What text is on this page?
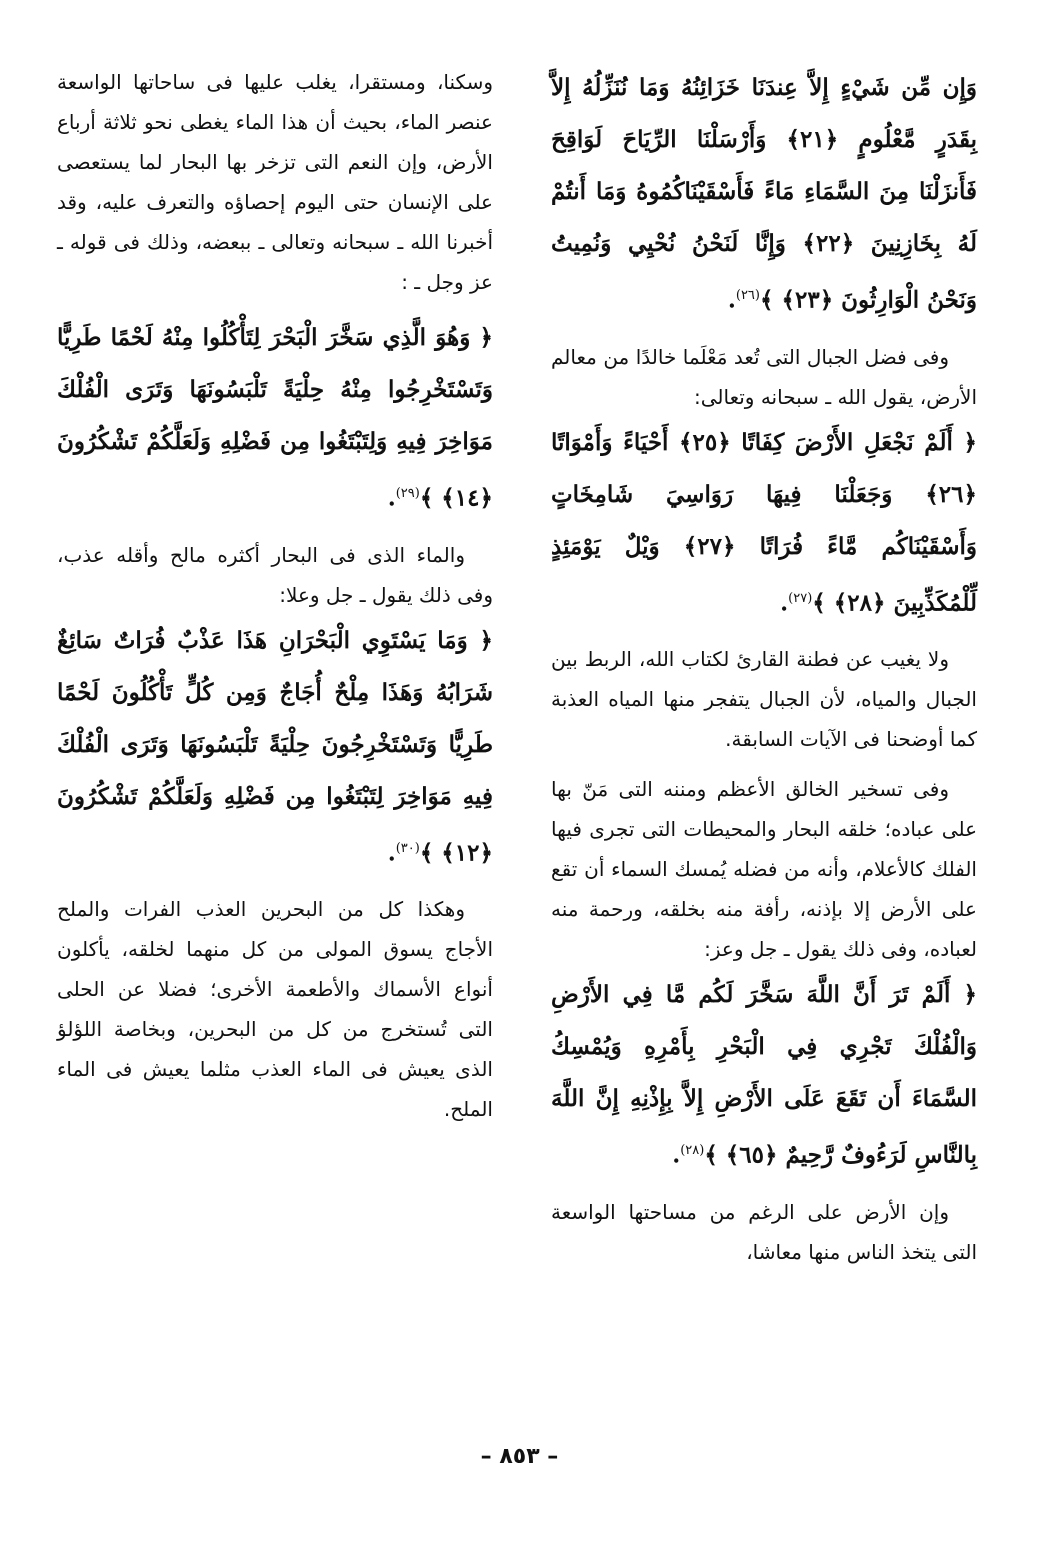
وَإِن مِّن شَيْءٍ إِلاَّ عِندَنَا خَزَائِنُهُ وَمَا نُنَزِّلُهُ إِلاَّ بِقَدَرٍ مَّعْلُومٍ ﴿٢١﴾ وَأَرْسَلْنَا الرِّيَاحَ لَوَاقِحَ فَأَنزَلْنَا مِنَ السَّمَاءِ مَاءً فَأَسْقَيْنَاكُمُوهُ وَمَا أَنتُمْ لَهُ بِخَازِنِينَ ﴿٢٢﴾ وَإِنَّا لَنَحْنُ نُحْيِي وَنُمِيتُ وَنَحْنُ الْوَارِثُونَ ﴿٢٣﴾ ﴾$^{(٢٦)}$.

وفى فضل الجبال التى تُعد مَعْلَما خالدًا من معالم الأرض، يقول الله ـ سبحانه وتعالى:

﴿ أَلَمْ نَجْعَلِ الأَرْضَ كِفَاتًا ﴿٢٥﴾ أَحْيَاءً وَأَمْوَاتًا ﴿٢٦﴾ وَجَعَلْنَا فِيهَا رَوَاسِيَ شَامِخَاتٍ وَأَسْقَيْنَاكُم مَّاءً فُرَاتًا ﴿٢٧﴾ وَيْلٌ يَوْمَئِذٍ لِّلْمُكَذِّبِينَ ﴿٢٨﴾ ﴾$^{(٢٧)}$.

ولا يغيب عن فطنة القارئ لكتاب الله، الربط بين الجبال والمياه، لأن الجبال يتفجر منها المياه العذبة كما أوضحنا فى الآيات السابقة.

وفى تسخير الخالق الأعظم ومننه التى مَنّ بها على عباده؛ خلقه البحار والمحيطات التى تجرى فيها الفلك كالأعلام، وأنه من فضله يُمسك السماء أن تقع على الأرض إلا بإذنه، رأفة منه بخلقه، ورحمة منه لعباده، وفى ذلك يقول ـ جل وعز:

﴿ أَلَمْ تَرَ أَنَّ اللَّهَ سَخَّرَ لَكُم مَّا فِي الأَرْضِ وَالْفُلْكَ تَجْرِي فِي الْبَحْرِ بِأَمْرِهِ وَيُمْسِكُ السَّمَاءَ أَن تَقَعَ عَلَى الأَرْضِ إِلاَّ بِإِذْنِهِ إِنَّ اللَّهَ بِالنَّاسِ لَرَءُوفٌ رَّحِيمٌ ﴿٦٥﴾ ﴾$^{(٢٨)}$.

وإن الأرض على الرغم من مساحتها الواسعة التى يتخذ الناس منها معاشا،

وسكنا، ومستقرا، يغلب عليها فى ساحاتها الواسعة عنصر الماء، بحيث أن هذا الماء يغطى نحو ثلاثة أرباع الأرض، وإن النعم التى تزخر بها البحار لما يستعصى على الإنسان حتى اليوم إحصاؤه والتعرف عليه، وقد أخبرنا الله ـ سبحانه وتعالى ـ ببعضه، وذلك فى قوله ـ عز وجل ـ :

﴿ وَهُوَ الَّذِي سَخَّرَ الْبَحْرَ لِتَأْكُلُوا مِنْهُ لَحْمًا طَرِيًّا وَتَسْتَخْرِجُوا مِنْهُ حِلْيَةً تَلْبَسُونَهَا وَتَرَى الْفُلْكَ مَوَاخِرَ فِيهِ وَلِتَبْتَغُوا مِن فَضْلِهِ وَلَعَلَّكُمْ تَشْكُرُونَ ﴿١٤﴾ ﴾$^{(٢٩)}$.

والماء الذى فى البحار أكثره مالح وأقله عذب، وفى ذلك يقول ـ جل وعلا:

﴿ وَمَا يَسْتَوِي الْبَحْرَانِ هَذَا عَذْبٌ فُرَاتٌ سَائِغٌ شَرَابُهُ وَهَذَا مِلْحٌ أُجَاجٌ وَمِن كُلٍّ تَأْكُلُونَ لَحْمًا طَرِيًّا وَتَسْتَخْرِجُونَ حِلْيَةً تَلْبَسُونَهَا وَتَرَى الْفُلْكَ فِيهِ مَوَاخِرَ لِتَبْتَغُوا مِن فَضْلِهِ وَلَعَلَّكُمْ تَشْكُرُونَ ﴿١٢﴾ ﴾$^{(٣٠)}$.

وهكذا كل من البحرين العذب الفرات والملح الأجاج يسوق المولى من كل منهما لخلقه، يأكلون أنواع الأسماك والأطعمة الأخرى؛ فضلا عن الحلى التى تُستخرج من كل من البحرين، وبخاصة اللؤلؤ الذى يعيش فى الماء العذب مثلما يعيش فى الماء الملح.

– ٨٥٣ –
